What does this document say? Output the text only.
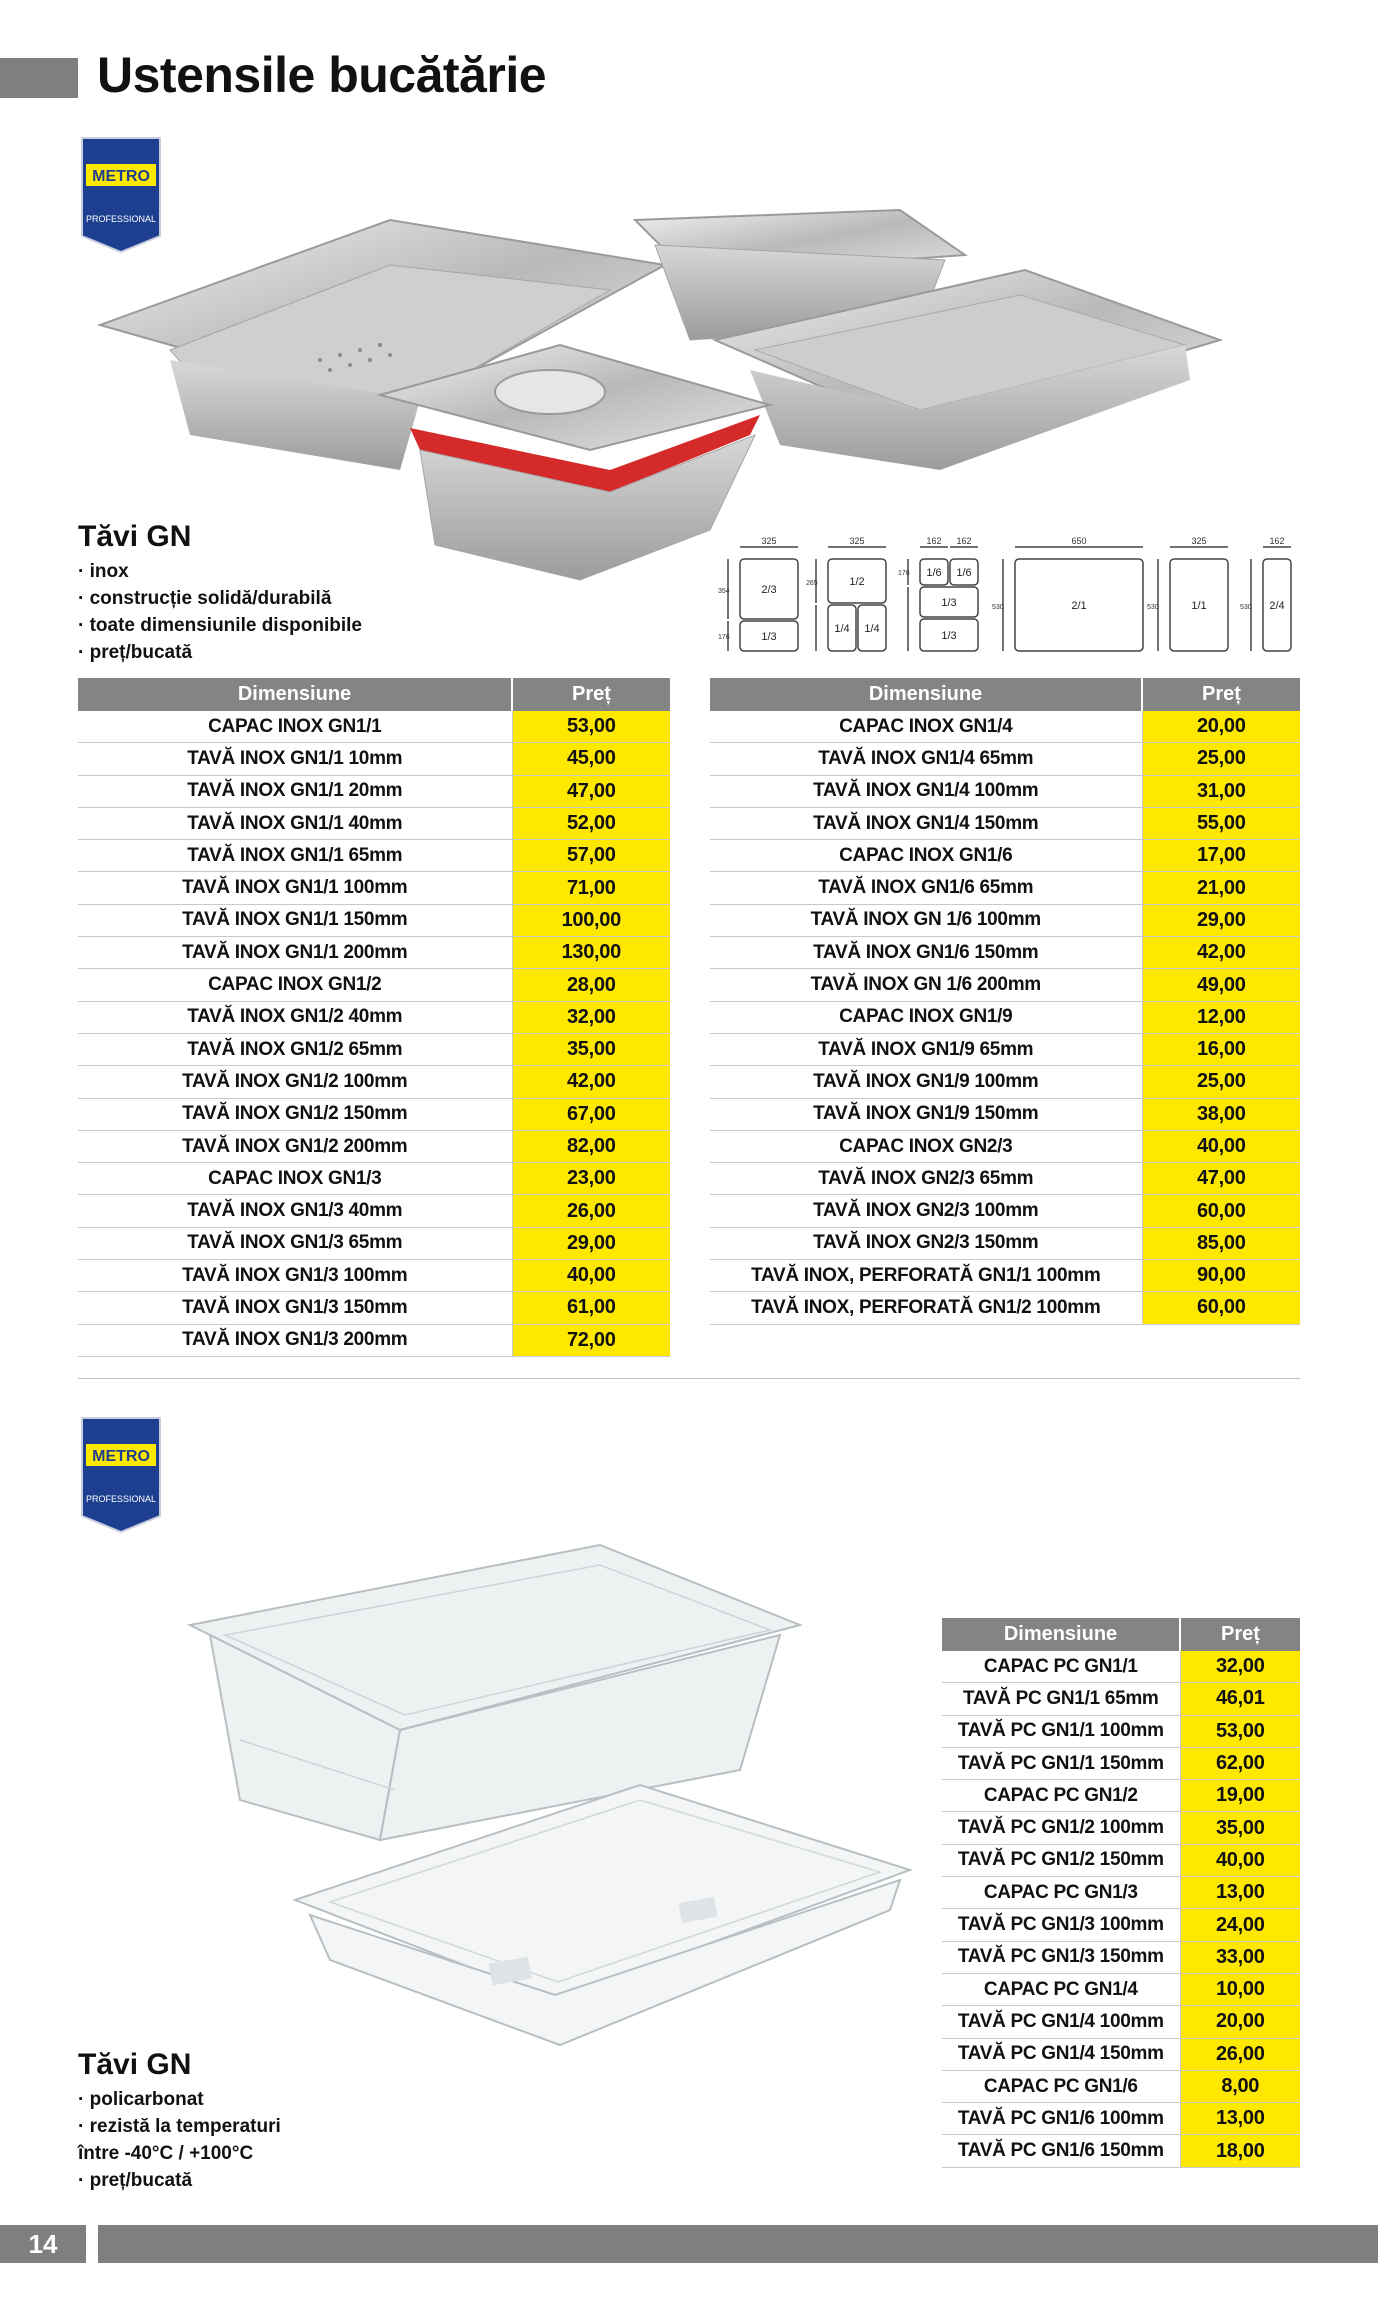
Ustensile bucătărie
METRO
PROFESSIONAL
Tăvi GN
· inox
· construcție solidă/durabilă
· toate dimensiunile disponibile
· preț/bucată
325	325	162 162	650	325	162
354
265
176
176
530	530	530
2/3
1/3
1/2
1/4 1/4
1/6 1/6
1/3
1/3
2/1	1/1	2/4
Dimensiune	Preț
CAPAC INOX GN1/1	53,00
TAVĂ INOX GN1/1 10mm	45,00
TAVĂ INOX GN1/1 20mm	47,00
TAVĂ INOX GN1/1 40mm	52,00
TAVĂ INOX GN1/1 65mm	57,00
TAVĂ INOX GN1/1 100mm	71,00
TAVĂ INOX GN1/1 150mm	100,00
TAVĂ INOX GN1/1 200mm	130,00
CAPAC INOX GN1/2	28,00
TAVĂ INOX GN1/2 40mm	32,00
TAVĂ INOX GN1/2 65mm	35,00
TAVĂ INOX GN1/2 100mm	42,00
TAVĂ INOX GN1/2 150mm	67,00
TAVĂ INOX GN1/2 200mm	82,00
CAPAC INOX GN1/3	23,00
TAVĂ INOX GN1/3 40mm	26,00
TAVĂ INOX GN1/3 65mm	29,00
TAVĂ INOX GN1/3 100mm	40,00
TAVĂ INOX GN1/3 150mm	61,00
TAVĂ INOX GN1/3 200mm	72,00
Dimensiune	Preț
CAPAC INOX GN1/4	20,00
TAVĂ INOX GN1/4 65mm	25,00
TAVĂ INOX GN1/4 100mm	31,00
TAVĂ INOX GN1/4 150mm	55,00
CAPAC INOX GN1/6	17,00
TAVĂ INOX GN1/6 65mm	21,00
TAVĂ INOX GN 1/6 100mm	29,00
TAVĂ INOX GN1/6 150mm	42,00
TAVĂ INOX GN 1/6 200mm	49,00
CAPAC INOX GN1/9	12,00
TAVĂ INOX GN1/9 65mm	16,00
TAVĂ INOX GN1/9 100mm	25,00
TAVĂ INOX GN1/9 150mm	38,00
CAPAC INOX GN2/3	40,00
TAVĂ INOX GN2/3 65mm	47,00
TAVĂ INOX GN2/3 100mm	60,00
TAVĂ INOX GN2/3 150mm	85,00
TAVĂ INOX, PERFORATĂ GN1/1 100mm	90,00
TAVĂ INOX, PERFORATĂ GN1/2 100mm	60,00
METRO
PROFESSIONAL
Tăvi GN
· policarbonat
· rezistă la temperaturi
între -40°C / +100°C
· preț/bucată
Dimensiune	Preț
CAPAC PC GN1/1	32,00
TAVĂ PC GN1/1 65mm	46,01
TAVĂ PC GN1/1 100mm	53,00
TAVĂ PC GN1/1 150mm	62,00
CAPAC PC GN1/2	19,00
TAVĂ PC GN1/2 100mm	35,00
TAVĂ PC GN1/2 150mm	40,00
CAPAC PC GN1/3	13,00
TAVĂ PC GN1/3 100mm	24,00
TAVĂ PC GN1/3 150mm	33,00
CAPAC PC GN1/4	10,00
TAVĂ PC GN1/4 100mm	20,00
TAVĂ PC GN1/4 150mm	26,00
CAPAC PC GN1/6	8,00
TAVĂ PC GN1/6 100mm	13,00
TAVĂ PC GN1/6 150mm	18,00
14
